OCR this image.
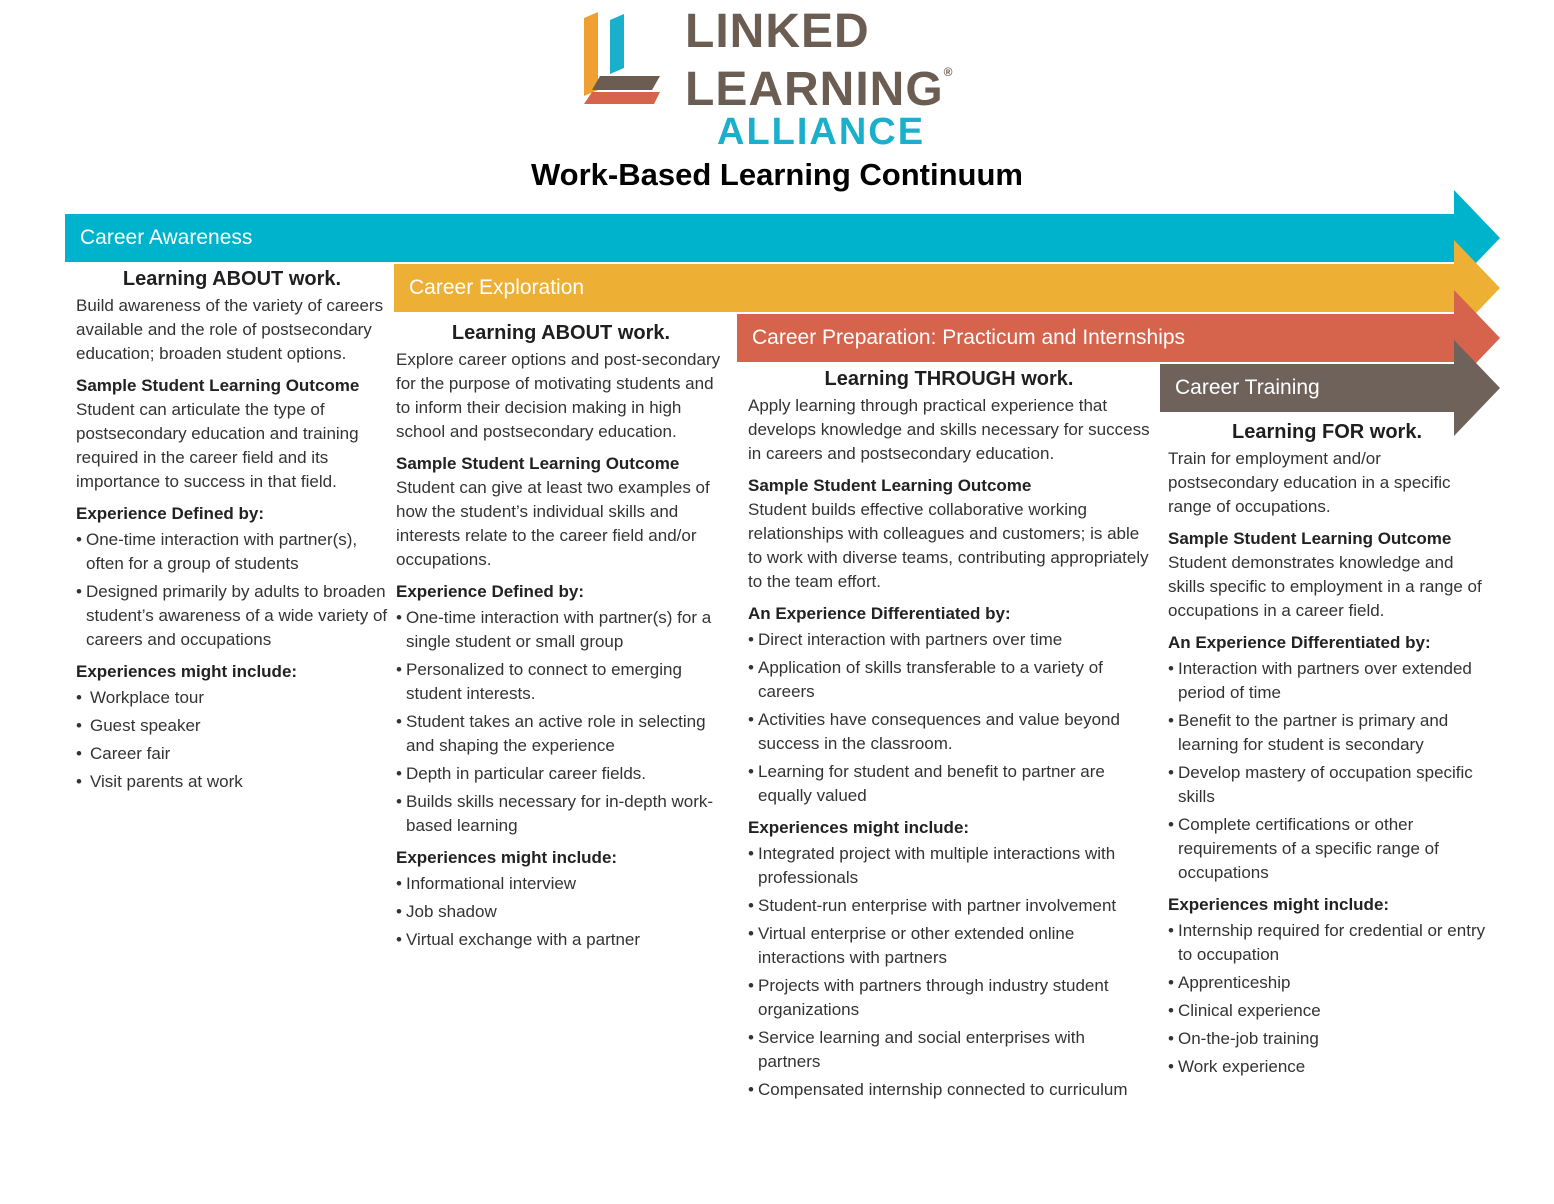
LINKED
LEARNING®
ALLIANCE
Work-Based Learning Continuum
Career Awareness
Career Exploration
Career Preparation: Practicum and Internships
Career Training
Learning ABOUT work.

Build awareness of the variety of careers available and the role of postsecondary education; broaden student options.

Sample Student Learning Outcome

Student can articulate the type of postsecondary education and training required in the career field and its importance to success in that field.

Experience Defined by:
• One-time interaction with partner(s), often for a group of students
• Designed primarily by adults to broaden student’s awareness of a wide variety of careers and occupations
Experiences might include:
• Workplace tour
• Guest speaker
• Career fair
• Visit parents at work
Learning ABOUT work.

Explore career options and post-secondary for the purpose of motivating students and to inform their decision making in high school and postsecondary education.

Sample Student Learning Outcome

Student can give at least two examples of how the student’s individual skills and interests relate to the career field and/or occupations.

Experience Defined by:
• One-time interaction with partner(s) for a single student or small group
• Personalized to connect to emerging student interests.
• Student takes an active role in selecting and shaping the experience
• Depth in particular career fields.
• Builds skills necessary for in-depth work-based learning
Experiences might include:
• Informational interview
• Job shadow
• Virtual exchange with a partner
Learning THROUGH work.

Apply learning through practical experience that develops knowledge and skills necessary for success in careers and postsecondary education.

Sample Student Learning Outcome

Student builds effective collaborative working relationships with colleagues and customers; is able to work with diverse teams, contributing appropriately to the team effort.

An Experience Differentiated by:
• Direct interaction with partners over time
• Application of skills transferable to a variety of careers
• Activities have consequences and value beyond success in the classroom.
• Learning for student and benefit to partner are equally valued
Experiences might include:
• Integrated project with multiple interactions with professionals
• Student-run enterprise with partner involvement
• Virtual enterprise or other extended online interactions with partners
• Projects with partners through industry student organizations
• Service learning and social enterprises with partners
• Compensated internship connected to curriculum
Learning FOR work.

Train for employment and/or postsecondary education in a specific range of occupations.

Sample Student Learning Outcome

Student demonstrates knowledge and skills specific to employment in a range of occupations in a career field.

An Experience Differentiated by:
• Interaction with partners over extended period of time
• Benefit to the partner is primary and learning for student is secondary
• Develop mastery of occupation specific skills
• Complete certifications or other requirements of a specific range of occupations
Experiences might include:
• Internship required for credential or entry to occupation
• Apprenticeship
• Clinical experience
• On-the-job training
• Work experience
